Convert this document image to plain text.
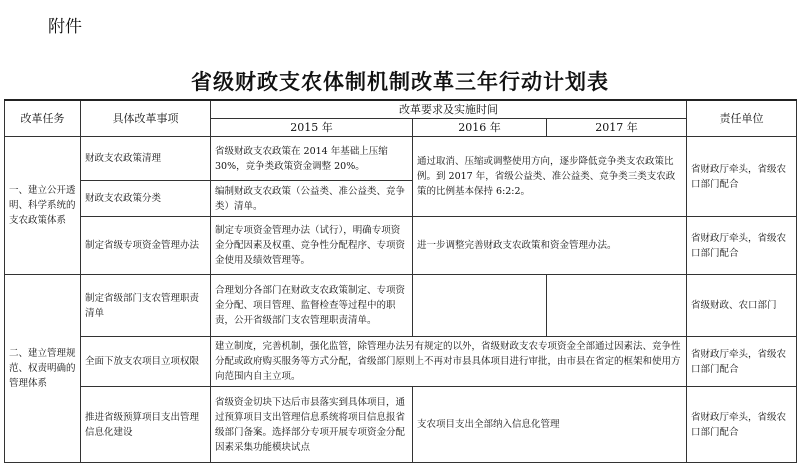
附件
省级财政支农体制机制改革三年行动计划表
改革任务	具体改革事项	改革要求及实施时间			责任单位
		2015 年	2016 年	2017 年	
一、建立公开透明、科学系统的支农政策体系	财政支农政策清理	省级财政支农政策在 2014 年基础上压缩 30%，竞争类政策资金调整 20%。	通过取消、压缩或调整使用方向，逐步降低竞争类支农政策比例。到 2017 年，省级公益类、准公益类、竞争类三类支农政策的比例基本保持 6:2:2。		省财政厅牵头，省级农口部门配合
	财政支农政策分类	编制财政支农政策（公益类、准公益类、竞争类）清单。			
	制定省级专项资金管理办法	制定专项资金管理办法（试行），明确专项资金分配因素及权重、竞争性分配程序、专项资金使用及绩效管理等。	进一步调整完善财政支农政策和资金管理办法。		省财政厅牵头，省级农口部门配合
二、建立管理规范、权责明确的管理体系	制定省级部门支农管理职责清单	合理划分各部门在财政支农政策制定、专项资金分配、项目管理、监督检查等过程中的职责，公开省级部门支农管理职责清单。			省级财政、农口部门
	全面下放支农项目立项权限	建立制度，完善机制，强化监管，除管理办法另有规定的以外，省级财政支农专项资金全部通过因素法、竞争性分配或政府购买服务等方式分配，省级部门原则上不再对市县具体项目进行审批，由市县在省定的框架和使用方向范围内自主立项。			省财政厅牵头，省级农口部门配合
	推进省级预算项目支出管理信息化建设	省级资金切块下达后市县落实到具体项目，通过预算项目支出管理信息系统将项目信息报省级部门备案。选择部分专项开展专项资金分配因素采集功能模块试点	支农项目支出全部纳入信息化管理		省财政厅牵头，省级农口部门配合
